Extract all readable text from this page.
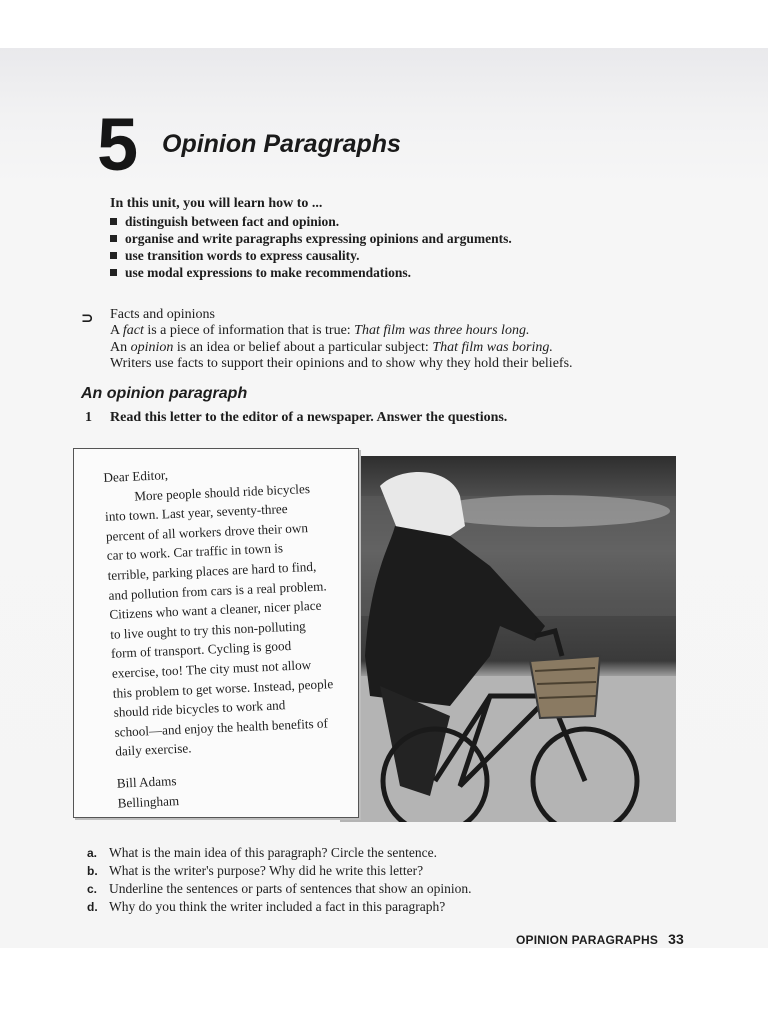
5 Opinion Paragraphs
In this unit, you will learn how to ...
distinguish between fact and opinion.
organise and write paragraphs expressing opinions and arguments.
use transition words to express causality.
use modal expressions to make recommendations.
⊃ Facts and opinions
A fact is a piece of information that is true: That film was three hours long.
An opinion is an idea or belief about a particular subject: That film was boring.
Writers use facts to support their opinions and to show why they hold their beliefs.
An opinion paragraph
1 Read this letter to the editor of a newspaper. Answer the questions.
Dear Editor,
More people should ride bicycles
into town. Last year, seventy-three
percent of all workers drove their own
car to work. Car traffic in town is
terrible, parking places are hard to find,
and pollution from cars is a real problem.
Citizens who want a cleaner, nicer place
to live ought to try this non-polluting
form of transport. Cycling is good
exercise, too! The city must not allow
this problem to get worse. Instead, people
should ride bicycles to work and
school—and enjoy the health benefits of
daily exercise.
Bill Adams
Bellingham
a. What is the main idea of this paragraph? Circle the sentence.
b. What is the writer's purpose? Why did he write this letter?
c. Underline the sentences or parts of sentences that show an opinion.
d. Why do you think the writer included a fact in this paragraph?
OPINION PARAGRAPHS 33
